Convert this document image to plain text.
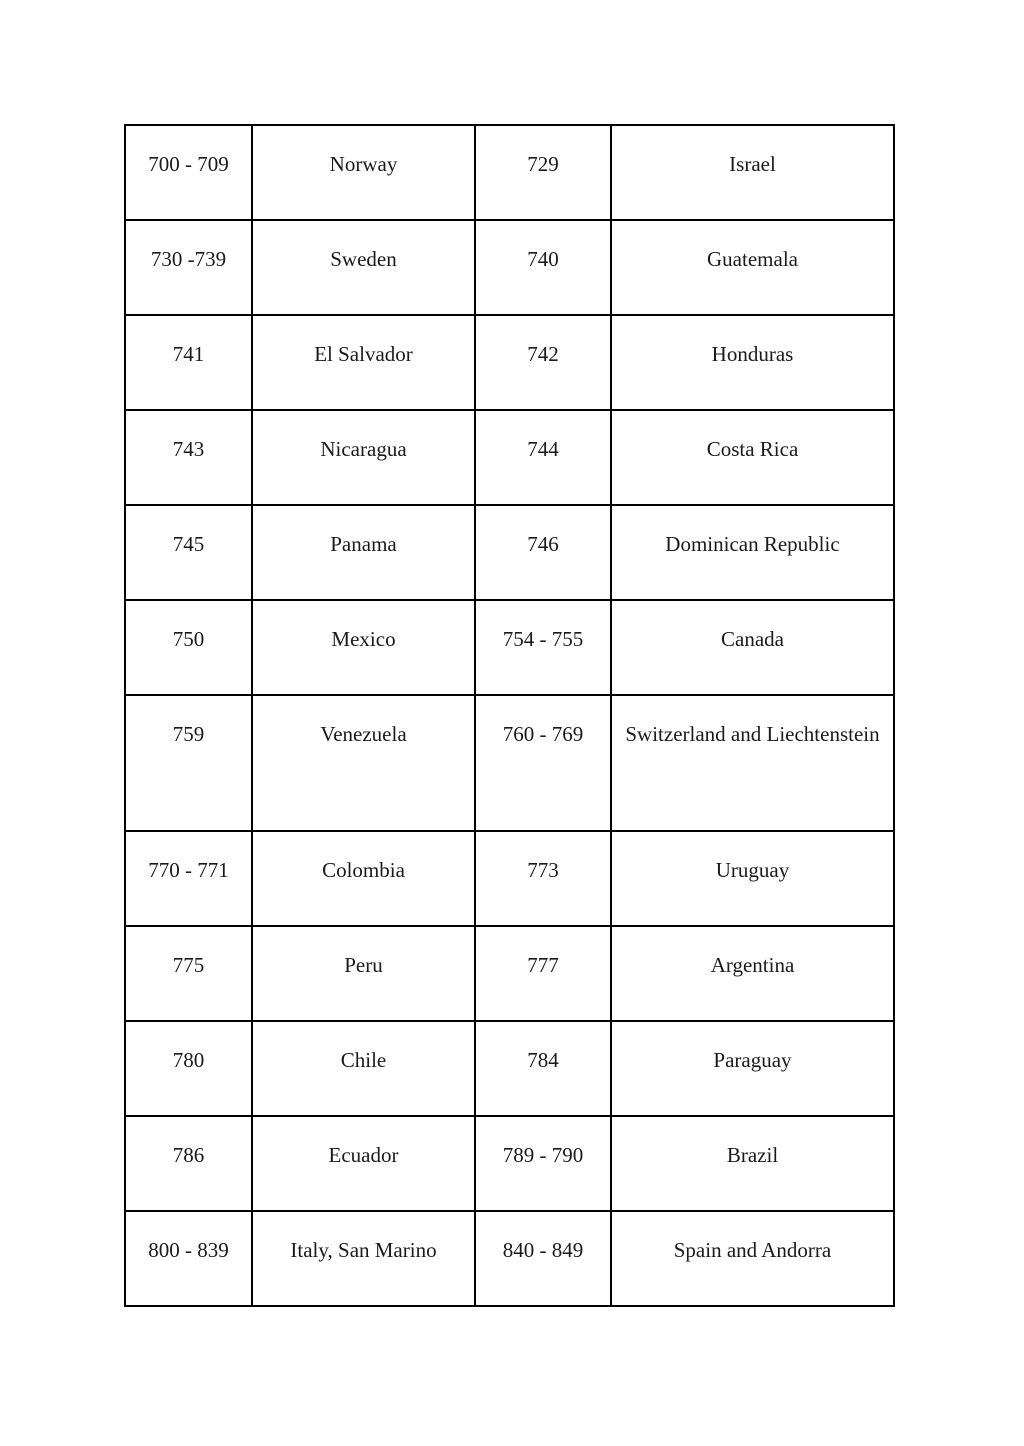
700 - 709	Norway	729	Israel

730 -739	Sweden	740	Guatemala

741	El Salvador	742	Honduras

743	Nicaragua	744	Costa Rica

745	Panama	746	Dominican Republic

750	Mexico	754 - 755	Canada

759	Venezuela	760 - 769	Switzerland and Liechtenstein

770 - 771	Colombia	773	Uruguay

775	Peru	777	Argentina

780	Chile	784	Paraguay

786	Ecuador	789 - 790	Brazil

800 - 839	Italy, San Marino	840 - 849	Spain and Andorra
